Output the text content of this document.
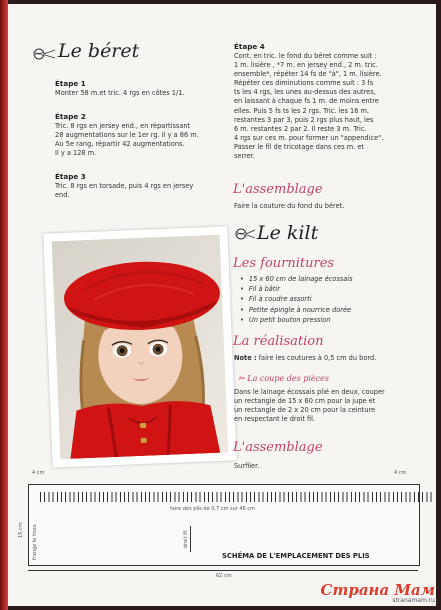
Le béret
Étape 1

Monter 58 m.et tric. 4 rgs en côtes 1/1.

Étape 2

Tric. 8 rgs en jersey end., en répartissant

28 augmentations sur le 1er rg. Il y a 86 m.

Au 5e rang, répartir 42 augmentations.

Il y a 128 m.

Étape 3

Tric. 8 rgs en torsade, puis 4 rgs en jersey

end.

Étape 4

Cont. en tric. le fond du béret comme suit :

1 m. lisière , *7 m. en jersey end., 2 m. tric.

ensemble*, répéter 14 fs de "à", 1 m. lisière.

Répéter ces diminutions comme suit : 3 fs

ts les 4 rgs, les unes au-dessus des autres,

en laissant à chaque fs 1 m. de moins entre

elles. Puis 5 fs ts les 2 rgs. Tric. les 16 m.

restantes 3 par 3, puis 2 rgs plus haut, les

6 m. restantes 2 par 2. Il reste 3 m. Tric.

4 rgs sur ces m. pour former un "appendice".

Passer le fil de tricotage dans ces m. et

serrer.

L'assemblage
Faire la couture du fond du béret.
Le kilt
Les fournitures
• 15 x 60 cm de lainage écossais
• Fil à bâtir
• Fil à coudre assorti
• Petite épingle à nourrice dorée
• Un petit bouton pression
La réalisation
Note : faire les coutures à 0,5 cm du bord.
✂ La coupe des pièces

Dans le lainage écossais plié en deux, couper

un rectangle de 15 x 60 cm pour la jupe et

un rectangle de 2 x 20 cm pour la ceinture

en respectant le droit fil.

L'assemblage
Surfiler.
4 cm	4 cm
faire des plis de 0,7 cm sur 46 cm
frange le tissu
15 cm
droit fil
SCHÉMA DE L'EMPLACEMENT DES PLIS
62 cm
Страна Мам
stranamam.ru
